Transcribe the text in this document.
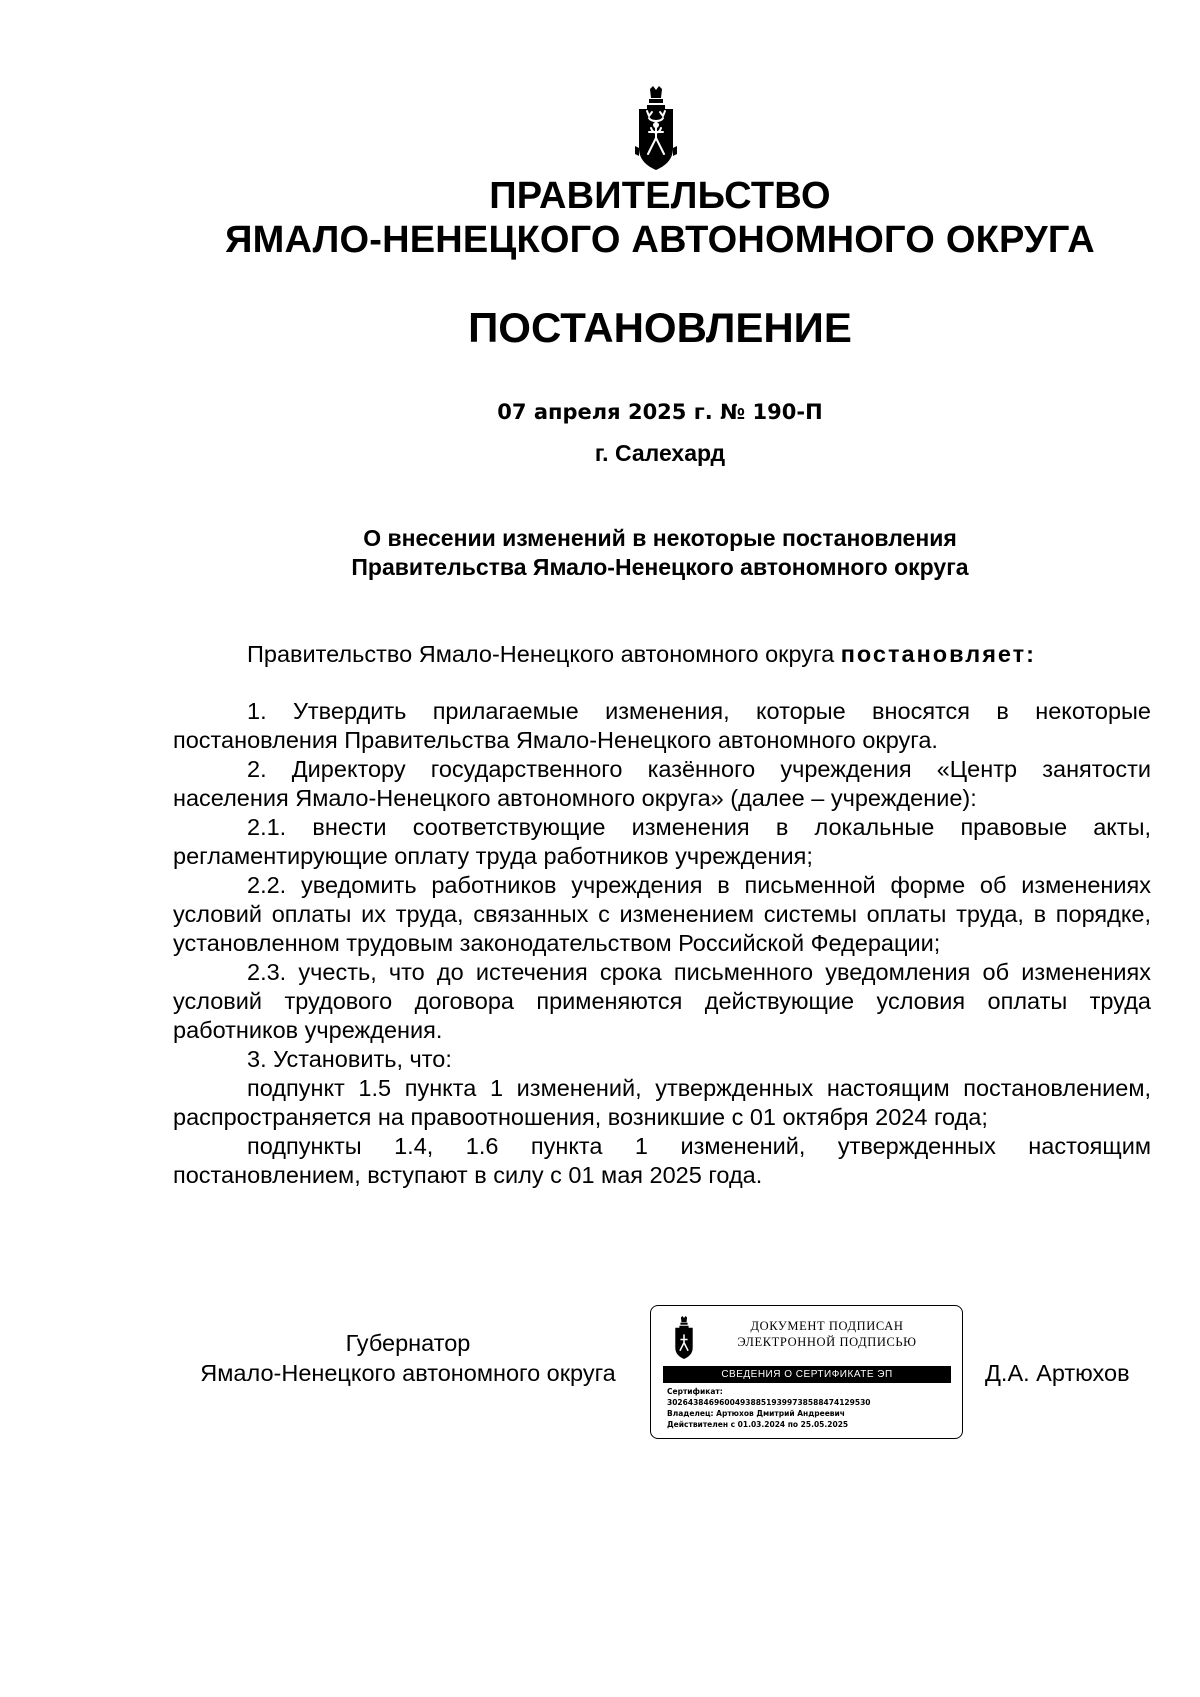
ПРАВИТЕЛЬСТВО
ЯМАЛО-НЕНЕЦКОГО АВТОНОМНОГО ОКРУГА
ПОСТАНОВЛЕНИЕ
07 апреля 2025 г. № 190-П
г. Салехард
О внесении изменений в некоторые постановления
Правительства Ямало-Ненецкого автономного округа
Правительство Ямало-Ненецкого автономного округа постановляет:

1. Утвердить прилагаемые изменения, которые вносятся в некоторые постановления Правительства Ямало-Ненецкого автономного округа.

2. Директору государственного казённого учреждения «Центр занятости населения Ямало-Ненецкого автономного округа» (далее – учреждение):

2.1. внести соответствующие изменения в локальные правовые акты, регламентирующие оплату труда работников учреждения;

2.2. уведомить работников учреждения в письменной форме об изменениях условий оплаты их труда, связанных с изменением системы оплаты труда, в порядке, установленном трудовым законодательством Российской Федерации;

2.3. учесть, что до истечения срока письменного уведомления об изменениях условий трудового договора применяются действующие условия оплаты труда работников учреждения.

3. Установить, что:

подпункт 1.5 пункта 1 изменений, утвержденных настоящим постановлением, распространяется на правоотношения, возникшие с 01 октября 2024 года;

подпункты 1.4, 1.6 пункта 1 изменений, утвержденных настоящим постановлением, вступают в силу с 01 мая 2025 года.

Губернатор
Ямало-Ненецкого автономного округа
ДОКУМЕНТ ПОДПИСАН
ЭЛЕКТРОННОЙ ПОДПИСЬЮ
СВЕДЕНИЯ О СЕРТИФИКАТЕ ЭП
Сертификат:
302643846960049388519399738588474129530
Владелец: Артюхов Дмитрий Андреевич
Действителен с 01.03.2024 по 25.05.2025
Д.А. Артюхов
